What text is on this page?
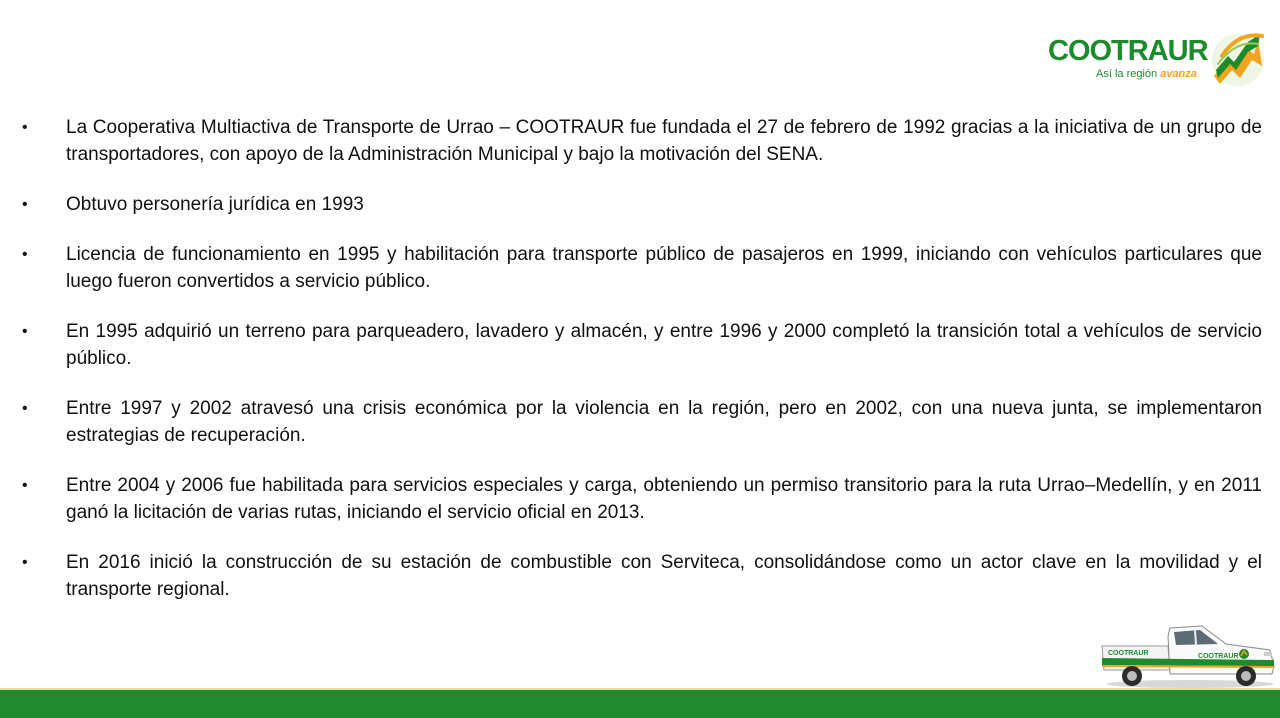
COOTRAUR
Así la región avanza

•	La Cooperativa Multiactiva de Transporte de Urrao – COOTRAUR fue fundada el 27 de febrero de 1992 gracias a la iniciativa de un grupo de transportadores, con apoyo de la Administración Municipal y bajo la motivación del SENA.

•	Obtuvo personería jurídica en 1993

•	Licencia de funcionamiento en 1995 y habilitación para transporte público de pasajeros en 1999, iniciando con vehículos particulares que luego fueron convertidos a servicio público.

•	En 1995 adquirió un terreno para parqueadero, lavadero y almacén, y entre 1996 y 2000 completó la transición total a vehículos de servicio público.

•	Entre 1997 y 2002 atravesó una crisis económica por la violencia en la región, pero en 2002, con una nueva junta, se implementaron estrategias de recuperación.

•	Entre 2004 y 2006 fue habilitada para servicios especiales y carga, obteniendo un permiso transitorio para la ruta Urrao–Medellín, y en 2011 ganó la licitación de varias rutas, iniciando el servicio oficial en 2013.

•	En 2016 inició la construcción de su estación de combustible con Serviteca, consolidándose como un actor clave en la movilidad y el transporte regional.

COOTRAUR	COOTRAUR
